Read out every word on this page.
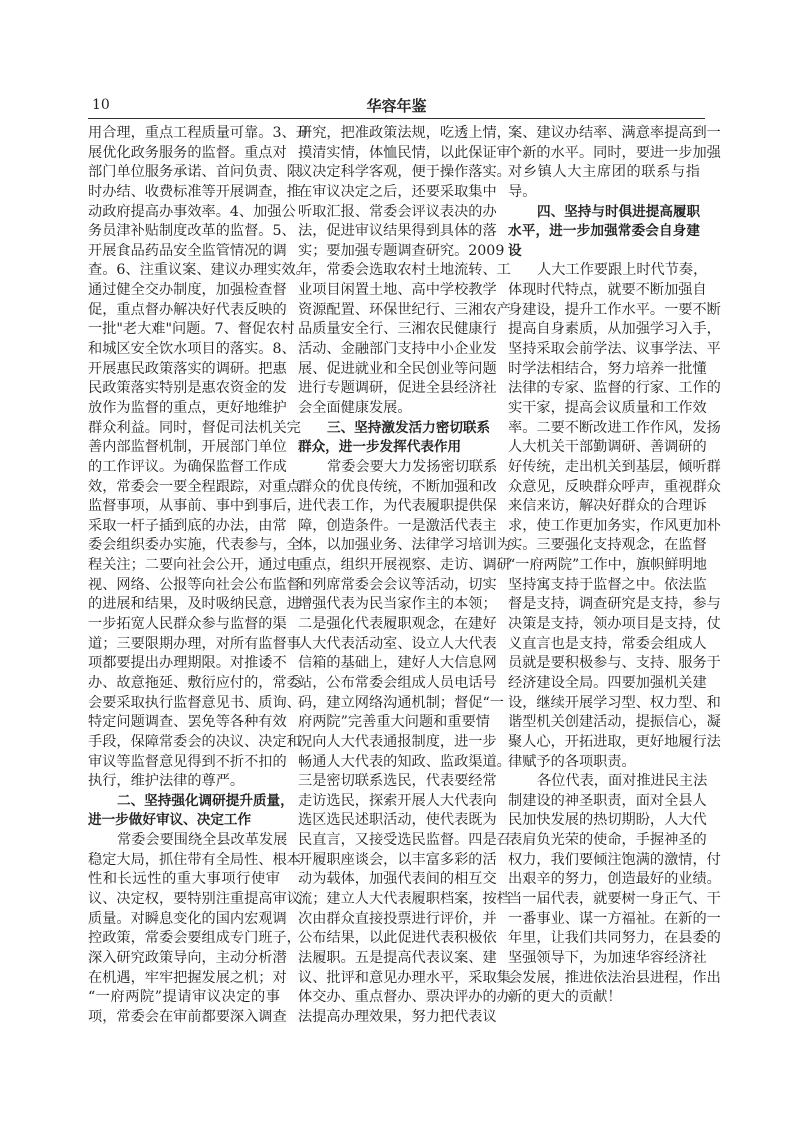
10	华容年鉴
用合理，重点工程质量可靠。3、开
展优化政务服务的监督。重点对
部门单位服务承诺、首问负责、限
时办结、收费标准等开展调查，推
动政府提高办事效率。4、加强公
务员津补贴制度改革的监督。5、
开展食品药品安全监管情况的调
查。6、注重议案、建议办理实效。
通过健全交办制度，加强检查督
促，重点督办解决好代表反映的
一批"老大难"问题。7、督促农村
和城区安全饮水项目的落实。8、
开展惠民政策落实的调研。把惠
民政策落实特别是惠农资金的发
放作为监督的重点，更好地维护
群众利益。同时，督促司法机关完
善内部监督机制，开展部门单位
的工作评议。为确保监督工作成
效，常委会一要全程跟踪，对重点
监督事项，从事前、事中到事后，
采取一杆子插到底的办法，由常
委会组织委办实施，代表参与，全
程关注；二要向社会公开，通过电
视、网络、公报等向社会公布监督
的进展和结果，及时吸纳民意，进
一步拓宽人民群众参与监督的渠
道；三要限期办理，对所有监督事
项都要提出办理期限。对推诿不
办、故意拖延、敷衍应付的，常委
会要采取执行监督意见书、质询、
特定问题调查、罢免等各种有效
手段，保障常委会的决议、决定和
审议等监督意见得到不折不扣的
执行，维护法律的尊严。
二、坚持强化调研提升质量，
进一步做好审议、决定工作
常委会要围绕全县改革发展
稳定大局，抓住带有全局性、根本
性和长远性的重大事项行使审
议、决定权，要特别注重提高审议
质量。对瞬息变化的国内宏观调
控政策，常委会要组成专门班子，
深入研究政策导向，主动分析潜
在机遇，牢牢把握发展之机；对
“一府两院”提请审议决定的事
项，常委会在审前都要深入调查
研究，把准政策法规，吃透上情，
摸清实情，体恤民情，以此保证审
议决定科学客观，便于操作落实。
在审议决定之后，还要采取集中
听取汇报、常委会评议表决的办
法，促进审议结果得到具体的落
实；要加强专题调查研究。2009
年，常委会选取农村土地流转、工
业项目闲置土地、高中学校教学
资源配置、环保世纪行、三湘农产
品质量安全行、三湘农民健康行
活动、金融部门支持中小企业发
展、促进就业和全民创业等问题
进行专题调研，促进全县经济社
会全面健康发展。
三、坚持激发活力密切联系
群众，进一步发挥代表作用
常委会要大力发扬密切联系
群众的优良传统，不断加强和改
进代表工作，为代表履职提供保
障，创造条件。一是激活代表主
体，以加强业务、法律学习培训为
重点，组织开展视察、走访、调研
和列席常委会会议等活动，切实
增强代表为民当家作主的本领；
二是强化代表履职观念，在建好
人大代表活动室、设立人大代表
信箱的基础上，建好人大信息网
站，公布常委会组成人员电话号
码，建立网络沟通机制；督促“一
府两院”完善重大问题和重要情
况向人大代表通报制度，进一步
畅通人大代表的知政、监政渠道。
三是密切联系选民，代表要经常
走访选民，探索开展人大代表向
选区选民述职活动，使代表既为
民直言，又接受选民监督。四是召
开履职座谈会，以丰富多彩的活
动为载体，加强代表间的相互交
流；建立人大代表履职档案，按档
次由群众直接投票进行评价，并
公布结果，以此促进代表积极依
法履职。五是提高代表议案、建
议、批评和意见办理水平，采取集
体交办、重点督办、票决评办的办
法提高办理效果，努力把代表议
案、建议办结率、满意率提高到一
个新的水平。同时，要进一步加强
对乡镇人大主席团的联系与指
导。
四、坚持与时俱进提高履职
水平，进一步加强常委会自身建
设
人大工作要跟上时代节奏，
体现时代特点，就要不断加强自
身建设，提升工作水平。一要不断
提高自身素质，从加强学习入手，
坚持采取会前学法、议事学法、平
时学法相结合，努力培养一批懂
法律的专家、监督的行家、工作的
实干家，提高会议质量和工作效
率。二要不断改进工作作风，发扬
人大机关干部勤调研、善调研的
好传统，走出机关到基层，倾听群
众意见，反映群众呼声，重视群众
来信来访，解决好群众的合理诉
求，使工作更加务实，作风更加朴
实。三要强化支持观念，在监督
“一府两院”工作中，旗帜鲜明地
坚持寓支持于监督之中。依法监
督是支持，调查研究是支持，参与
决策是支持，领办项目是支持，仗
义直言也是支持，常委会组成人
员就是要积极参与、支持、服务于
经济建设全局。四要加强机关建
设，继续开展学习型、权力型、和
谐型机关创建活动，提振信心，凝
聚人心，开拓进取，更好地履行法
律赋予的各项职责。
各位代表，面对推进民主法
制建设的神圣职责，面对全县人
民加快发展的热切期盼，人大代
表肩负光荣的使命，手握神圣的
权力，我们要倾注饱满的激情，付
出艰辛的努力，创造最好的业绩。
当一届代表，就要树一身正气、干
一番事业、谋一方福祉。在新的一
年里，让我们共同努力，在县委的
坚强领导下，为加速华容经济社
会发展，推进依法治县进程，作出
新的更大的贡献！
